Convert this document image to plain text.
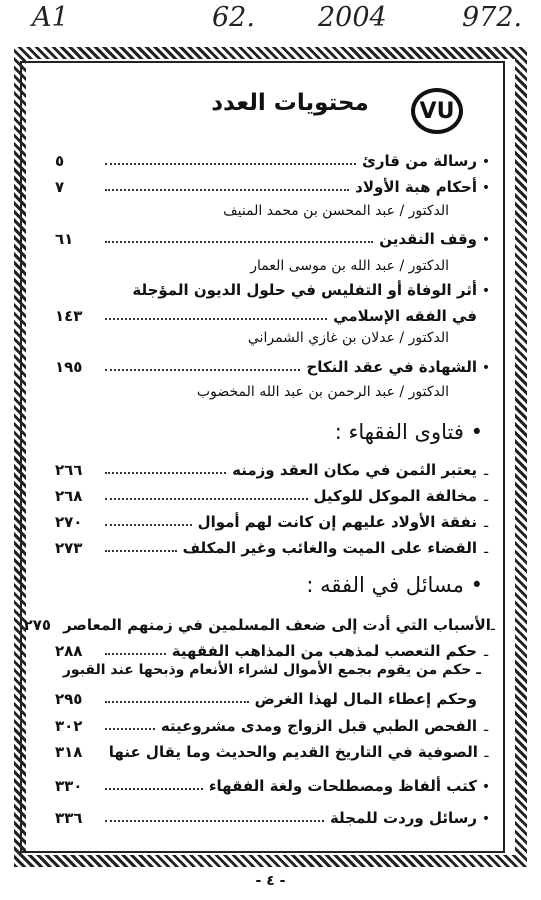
A1	62. 2004	972.
VU
محتويات العدد
•
رسالة من قارئ
٥
•
أحكام هبة الأولاد
٧
الدكتور / عبد المحسن بن محمد المنيف
•
وقف النقدين
٦١
الدكتور / عبد الله بن موسى العمار
•
أثر الوفاة أو التفليس في حلول الديون المؤجلة
في الفقه الإسلامي
١٤٣
الدكتور / عدلان بن غازي الشمراني
•
الشهادة في عقد النكاح
١٩٥
الدكتور / عبد الرحمن بن عبد الله المخضوب
• فتاوى الفقهاء :
ـ
يعتبر الثمن في مكان العقد وزمنه
٢٦٦
ـ
مخالفة الموكل للوكيل
٢٦٨
ـ
نفقة الأولاد عليهم إن كانت لهم أموال
٢٧٠
ـ
القضاء على الميت والغائب وغير المكلف
٢٧٣
• مسائل في الفقه :
ـ
الأسباب التي أدت إلى ضعف المسلمين في زمنهم المعاصر
٢٧٥
ـ
حكم التعصب لمذهب من المذاهب الفقهية
٢٨٨
ـ حكم من يقوم بجمع الأموال لشراء الأنعام وذبحها عند القبور
وحكم إعطاء المال لهذا الغرض
٢٩٥
ـ
الفحص الطبي قبل الزواج ومدى مشروعيته
٣٠٢
ـ
الصوفية في التاريخ القديم والحديث وما يقال عنها
٣١٨
•
كتب ألفاظ ومصطلحات ولغة الفقهاء
٣٣٠
•
رسائل وردت للمجلة
٣٣٦
- ٤ -
